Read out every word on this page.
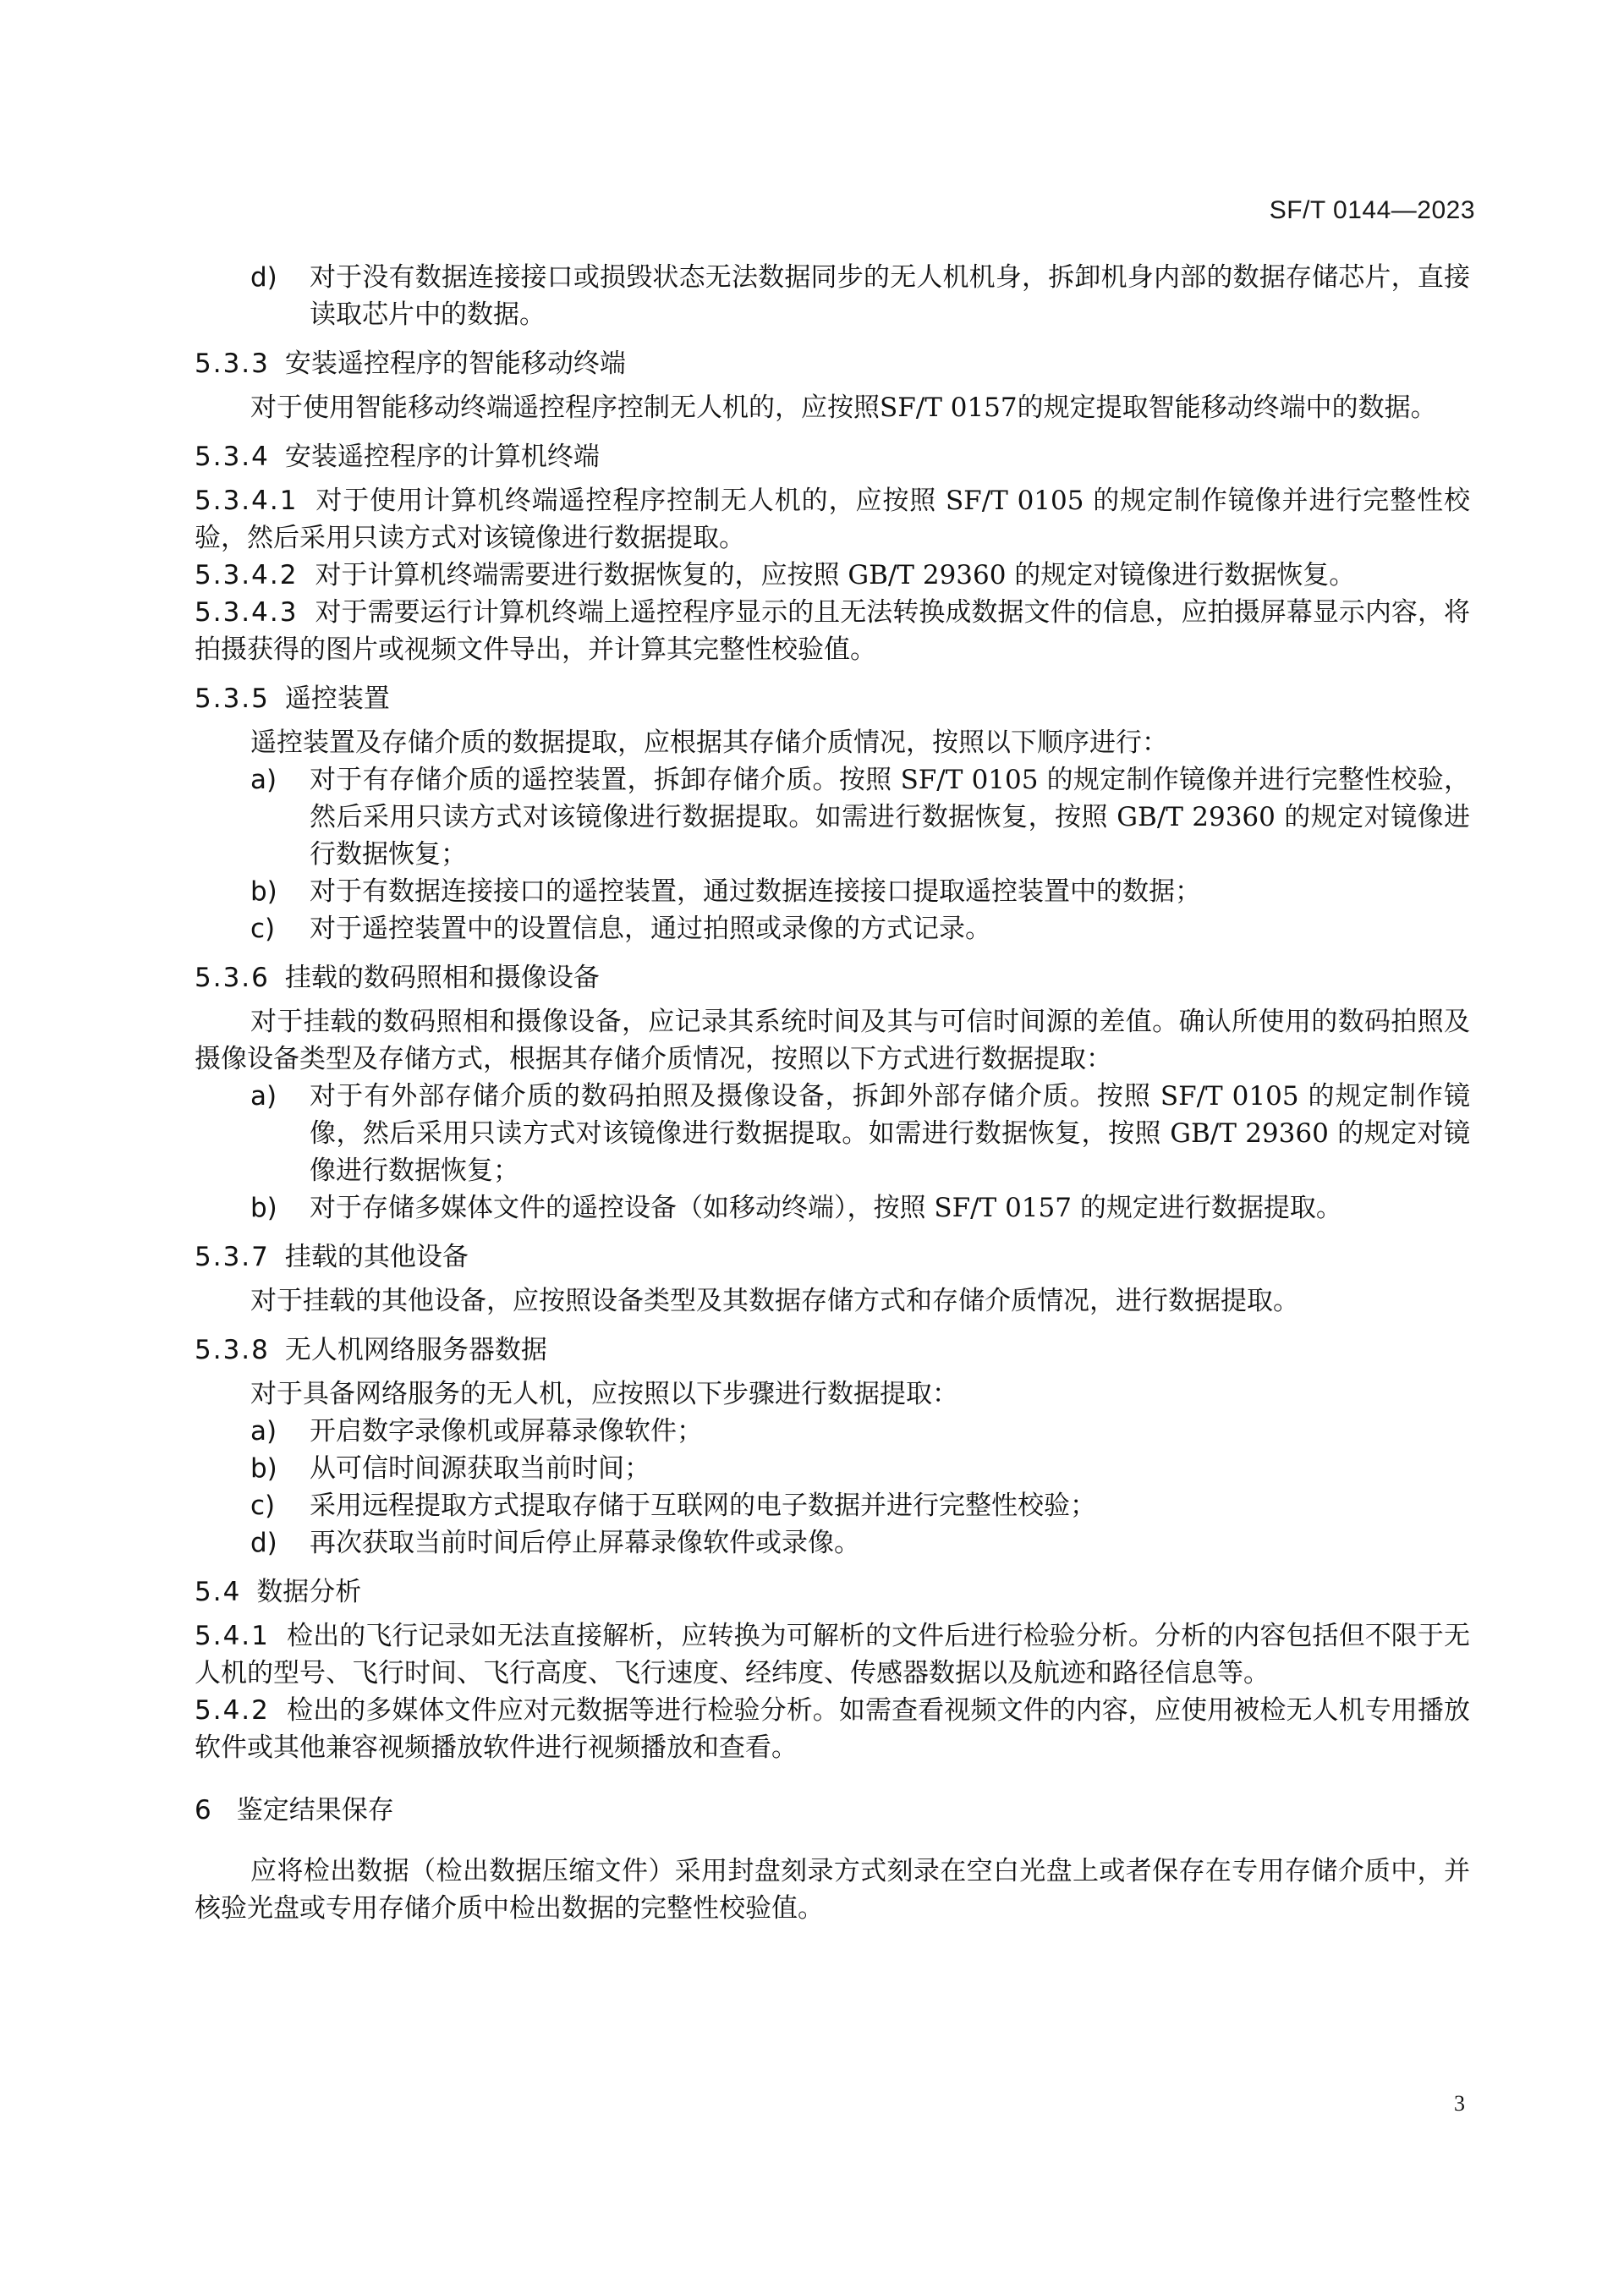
SF/T 0144—2023

d) 对于没有数据连接接口或损毁状态无法数据同步的无人机机身，拆卸机身内部的数据存储芯片，直接读取芯片中的数据。

5.3.3 安装遥控程序的智能移动终端

对于使用智能移动终端遥控程序控制无人机的，应按照SF/T 0157的规定提取智能移动终端中的数据。

5.3.4 安装遥控程序的计算机终端

5.3.4.1 对于使用计算机终端遥控程序控制无人机的，应按照 SF/T 0105 的规定制作镜像并进行完整性校验，然后采用只读方式对该镜像进行数据提取。

5.3.4.2 对于计算机终端需要进行数据恢复的，应按照 GB/T 29360 的规定对镜像进行数据恢复。

5.3.4.3 对于需要运行计算机终端上遥控程序显示的且无法转换成数据文件的信息，应拍摄屏幕显示内容，将拍摄获得的图片或视频文件导出，并计算其完整性校验值。

5.3.5 遥控装置

遥控装置及存储介质的数据提取，应根据其存储介质情况，按照以下顺序进行：

a) 对于有存储介质的遥控装置，拆卸存储介质。按照 SF/T 0105 的规定制作镜像并进行完整性校验，然后采用只读方式对该镜像进行数据提取。如需进行数据恢复，按照 GB/T 29360 的规定对镜像进行数据恢复；

b) 对于有数据连接接口的遥控装置，通过数据连接接口提取遥控装置中的数据；

c) 对于遥控装置中的设置信息，通过拍照或录像的方式记录。

5.3.6 挂载的数码照相和摄像设备

对于挂载的数码照相和摄像设备，应记录其系统时间及其与可信时间源的差值。确认所使用的数码拍照及摄像设备类型及存储方式，根据其存储介质情况，按照以下方式进行数据提取：

a) 对于有外部存储介质的数码拍照及摄像设备，拆卸外部存储介质。按照 SF/T 0105 的规定制作镜像，然后采用只读方式对该镜像进行数据提取。如需进行数据恢复，按照 GB/T 29360 的规定对镜像进行数据恢复；

b) 对于存储多媒体文件的遥控设备（如移动终端），按照 SF/T 0157 的规定进行数据提取。

5.3.7 挂载的其他设备

对于挂载的其他设备，应按照设备类型及其数据存储方式和存储介质情况，进行数据提取。

5.3.8 无人机网络服务器数据

对于具备网络服务的无人机，应按照以下步骤进行数据提取：

a) 开启数字录像机或屏幕录像软件；

b) 从可信时间源获取当前时间；

c) 采用远程提取方式提取存储于互联网的电子数据并进行完整性校验；

d) 再次获取当前时间后停止屏幕录像软件或录像。

5.4 数据分析

5.4.1 检出的飞行记录如无法直接解析，应转换为可解析的文件后进行检验分析。分析的内容包括但不限于无人机的型号、飞行时间、飞行高度、飞行速度、经纬度、传感器数据以及航迹和路径信息等。

5.4.2 检出的多媒体文件应对元数据等进行检验分析。如需查看视频文件的内容，应使用被检无人机专用播放软件或其他兼容视频播放软件进行视频播放和查看。

6 鉴定结果保存

应将检出数据（检出数据压缩文件）采用封盘刻录方式刻录在空白光盘上或者保存在专用存储介质中，并核验光盘或专用存储介质中检出数据的完整性校验值。

3
